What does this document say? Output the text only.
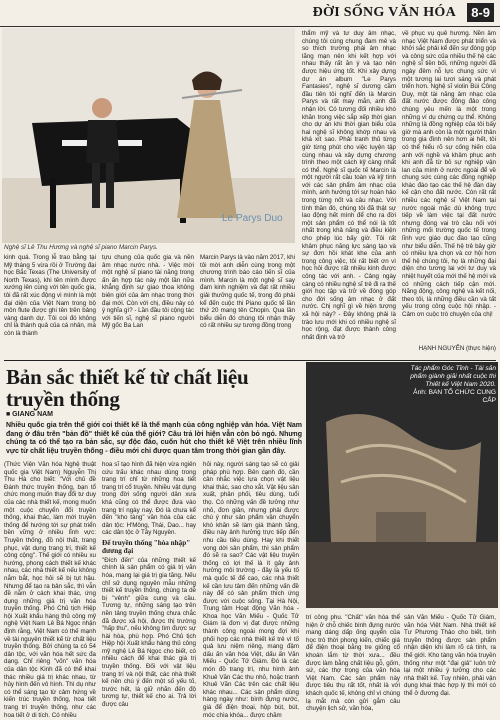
ĐỜI SỐNG VĂN HÓA	8-9
Le Parys Duo
Nghệ sĩ Lê Thu Hương và nghệ sĩ piano Marcin Parys.
kinh quá. Trong lễ trao bằng tại Mỹ tháng 5 vừa rồi ở Trường đại học Bắc Texas (The University of North Texas), khi tên mình được xướng lên cùng với tên quốc gia, tôi đã rất xúc động vì mình là một đại diện của Việt Nam trong bộ môn flute được ghi tên trên bảng vàng danh dự. Tôi coi đó không chỉ là thành quả của cá nhân, mà còn là thành
tựu chung của quốc gia và nền âm nhạc nước nhà. - Việc mời một nghệ sĩ piano tài năng trong ấn ấn hợp tác này một lần nữa khẳng định sự giao thoa không biên giới của âm nhạc trong thời đại mới. Còn với chị, điều này có ý nghĩa gì? - Lần đầu tôi cộng tác với tiến sĩ, nghệ sĩ piano người Mỹ gốc Ba Lan
Marcin Parys là vào năm 2017, khi tôi mời anh diễn cùng trong một chương trình báo cáo tiến sĩ của mình. Marcin là một nghệ sĩ say đam kinh nghiệm và đạt rất nhiều giải thưởng quốc tế, trong đó phải kể đến cuộc thi Piano quốc tế lần thứ 20 mang tên Chopin. Qua lần biểu diễn đó chúng tôi nhận thấy có rất nhiều sự tương đồng trong
thẩm mỹ và tư duy âm nhạc, chúng tôi cùng chung đam mê và so thích trường phái âm nhạc lãng mạn nên khi kết hợp với nhau thấy rất ăn ý và tạo nên được hiệu ứng tốt. Khi xây dựng dự án album "Le Parys Fantasies", nghệ sĩ dương cầm đầu tiên tôi nghĩ đến là Marcin Parys và rất may mắn, anh đã nhận lời. Có tương đối nhiều khó khăn trong việc sắp xếp thời gian cho dự án khi thời gian biểu của hai nghệ sĩ không khớp nhau và khá xít sao. Phải tranh thủ từng giờ từng phút cho việc luyện tập cùng nhau và xây dựng chương trình theo một cách kỹ càng nhất có thể. Nghệ sĩ quốc tế Marcin là một người rất cầu toàn và kỹ tính với các sản phẩm âm nhạc của mình, anh hướng tới sự hoàn hảo trong từng nốt và câu nhạc. Với tính thần đó, chúng tôi đã thật sự lao động hết mình để cho ra đời một sản phẩm có thể nói là tốt nhất trong khả năng và điều kiện cho phép lúc bấy giờ. Tôi rất khâm phục năng lực sáng tạo và sự đơn hồi khát khe của anh trong công việc, tôi rất biết ơn vì học hỏi được rất nhiều kinh được công tác với anh. - Cảng ngày càng có nhiều nghệ sĩ trẻ đi ra thế giới học tập và trở về đóng góp cho đời sống âm nhạc ở đất nước. Chị nghĩ gì về hiện tượng xã hội này? - Đây không phải là trào lưu mới khi có nhiều nghệ sĩ học rộng, đạt được thành công nhất định và trở
về phục vụ quê hương. Nền âm nhạc Việt Nam được phát triển và khởi sắc phải kể đến sự đóng góp và công sức của nhiều thế hệ các nghệ sĩ tiền bối, những người đã ngày đêm nỗ lực chung sức vì một tương lai tươi sáng và phát triển hơn. Nghệ sĩ violin Bùi Công Duy, một tài năng âm nhạc của đất nước được đông đảo công chúng yêu mến là một trong những ví dụ chứng cụ thể. Không những là đồng nghiệp của tôi bấy giờ mà anh còn là một người thân trong gia đình nên hơn ai hết, tôi có thể hiểu rõ sự cống hiến của anh với nghề và khâm phục anh khi anh đã từ bỏ sự nghiệp vận lan của mình ở nước ngoài để về chung sức cùng các đồng nghiệp khác đào tạo các thế hệ đàn dày kế cận cho đất nước. Còn rất rất nhiều các nghệ sĩ Việt Nam tại nước ngoài mặc dù không trực tiếp về làm việc tại đất nước nhưng đóng vai trò cầu nối với những mối trường quốc tế trong lĩnh vực giáo dục đào tạo cũng như biểu diễn. Thế hệ trẻ bây giờ có nhiều lựa chọn và cơ hội hơn thế hệ chúng tôi, họ là những đại diện cho tương lai với tư duy và nhiệt huyết của mới thế hệ mới và có những cách tiếp cận mới. Năng động, công nghệ và kết nối, theo tôi, là những điều cần và tất yếu trong công cuộc hội nhập. - Cảm ơn cuộc trò chuyện của chị!
HẠNH NGUYÊN (thực hiện)
Bản sắc thiết kế từ chất liệu truyền thống
■ GIANG NAM
Nhiều quốc gia trên thế giới coi thiết kế là thế mạnh của công nghiệp văn hóa. Việt Nam đang ở đâu trên "bản đồ" thiết kế của thế giới? Câu trả lời hiện vẫn còn bỏ ngỏ. Nhưng chúng ta có thể tạo ra bản sắc, sự độc đáo, cuốn hút cho thiết kế Việt trên nhiều lĩnh vực từ chất liệu truyền thống - điều mới chỉ được quan tâm trong thời gian gần đây.
Tác phẩm Góc Tĩnh - Tái sản phẩm giành giải nhất cuộc thi Thiết kế Việt Nam 2020.
Ảnh: BAN TỔ CHỨC CUNG CẤP
(Thức Viện Văn hóa Nghệ thuật quốc gia Việt Nam) Nguyễn Thị Thu Hà cho biết: "Với chủ đề Đánh thức truyền thống, bạn tổ chức mong muốn thay đổi tư duy của các nhà thiết kế, mong muốn một cuộc chuyển đổi truyền thống, khai thác, làm mới truyền thống để hướng tới sự phát triển bền vững ở nhiều lĩnh vực: Truyền thống, đồ nội thất, trang phục, vật dụng trang trí, thiết kế công cộng". Thế giới có nhiều xu hướng, phong cách thiết kế khác nhau, các nhà thiết kế nếu không nắm bắt, học hỏi sẽ bị tụt hậu. Nhưng để tạo ra bản sắc, thì vẫn đề nằm ở cách khai thác, ứng dụng những giá trị văn hóa truyền thống. Phó Chủ tịch Hiệp hội Xuất khẩu hàng thủ công mỹ nghệ Việt Nam Lê Bá Ngọc nhận định rằng, Việt Nam có thế mạnh về tài nguyên thiết kế từ chất liệu truyền thống. Bởi chúng ta có 54 dân tộc, với văn hóa hết sức đa dạng. Chỉ riêng "vốn" văn hóa của dân tộc Kinh đã có thể khai thác nhiều giá trị khác nhau, từ hủy hình đến vô hình. Thì dụ như có thể sáng tạo từ cảm hứng về kiến trúc truyền thống, hoa tiết trang trí truyền thống, như các hoa tiết ở di tích. Có nhiều
hoa sĩ tạo hình đã hiện vừa ngiên cứu trấu khác nhau dùng trong trang trí chỉ từ những hoa tiết trang trí cổ truyền. Nhiều vật dụng trong đời sống người dân xưa khá cũng có thể được đưa vào trang trí ngày nay. Đó là chưa kể đến "kho tàng" văn hóa của các dân tộc: H'Mông, Thái, Dao... hay các dân tộc ở Tây Nguyên.
Để truyền thống "hòa nhập" đương đại
"Đích đến" của những thiết kế chính là sản phẩm có giá trị văn hóa, mang lại giá trị gia tăng. Nếu chỉ sử dụng nguyên mẫu những thiết kế truyền thống, chúng ta dễ bị "vênh" giữa cung và cầu. Tương tự, những sáng tạo trên nền tảng truyền thống chưa chắc đã được xã hội, được thị trường "hấp thu", nếu không tìm được sự hài hòa, phù hợp. Phó Chủ tịch Hiệp hội Xuất khẩu hàng thủ công mỹ nghệ Lê Bá Ngọc cho biết, có nhiều cách để khai thác giá trị truyền thống. Đối với vật liệu trang trí và nội thất, các nhà thiết kế nên chú ý đến một số yếu tố, trước hết, là giữ nhãn đến độ tương tự, thiết kế cho ai. Trả lời được câu
hỏi này, người sáng tạo sẽ có giải pháp phù hợp. Bên cạnh đó, cần cân nhắc việc lựa chọn vật liệu khai thác, sao cho xắt. Vật liệu sản xuất, phân phối, tiêu dùng, tuổi thọ. Có những vấn đề tưởng như nhỏ, đơn giản, nhưng phải được chú ý như sản phẩm vận chuyển khó khăn sẽ làm giá thành tăng, điều này ảnh hưởng trực tiếp đến nhu cầu tiêu dùng. Hay khi thiết vong dời sản phẩm, thì sản phẩm đó sẽ ra sao? Các vật liệu truyền thống có lợi thế là ít gây ảnh hưởng môi trường - đây là yếu tố mà quốc tế để cao, các nhà thiết kế cần lưu tâm đến những vấn đề này để có sản phẩm thích ứng được với cuộc sống. Tại Hà Nội, Trung tâm Hoạt động Văn hóa - Khoa học Văn Miếu - Quốc Tử Giám là đơn vị đạt được những thành công ngoài mong đợi khi phối hợp các nhà thiết kế trẻ vì tố quả lưu niệm riêng, mang đậm dấu ấn văn hóa Việt, dấu ấn Văn Miếu - Quốc Tử Giám. Đó là các món đồ trang trí, nhu hình ảnh Khuê Văn Các thu nhỏ, hoặc tranh Khuê Văn Các trên các chất liệu khác nhau... Các sản phẩm dùng hàng ngày như: bình đựng nước, giá để điện thoại, hộp bút, bút, móc chìa khóa... được chăm
trí công phu. "Chất" văn hóa thể hiện ở chỗ chiếc bình đựng nước mang dáng dấp ống quyển của học trò thời phong kiến, chiếc giá để điện thoại bằng tre giống cổ khoán lắm từ thời xưa... đều được làm bằng chất liệu gỗ, gốm, sứ, các thợ trọng của văn hóa Việt Nam. Các sản phẩm này được tiêu thụ rất tốt, nhất là với khách quốc tế, không chỉ vì chúng lạ mắt mà còn gửi gắm câu chuyện lịch sử, văn hóa,
sản Văn Miếu - Quốc Tử Giám, văn hóa Việt Nam. Nhà thiết kế Tư Phương Thảo cho biết, tinh truyền thống được sản phẩm nhận diện khi làm rõ cá tính, ra thế giới. Kho tàng văn hóa truyền thống như một "đại giả" luôn trở lại một nhiều ý tưởng cho các nhà thiết kế. Tuy nhiên, phải vận dụng khai thác hợp lý thì mới có thể ở đương đại.
